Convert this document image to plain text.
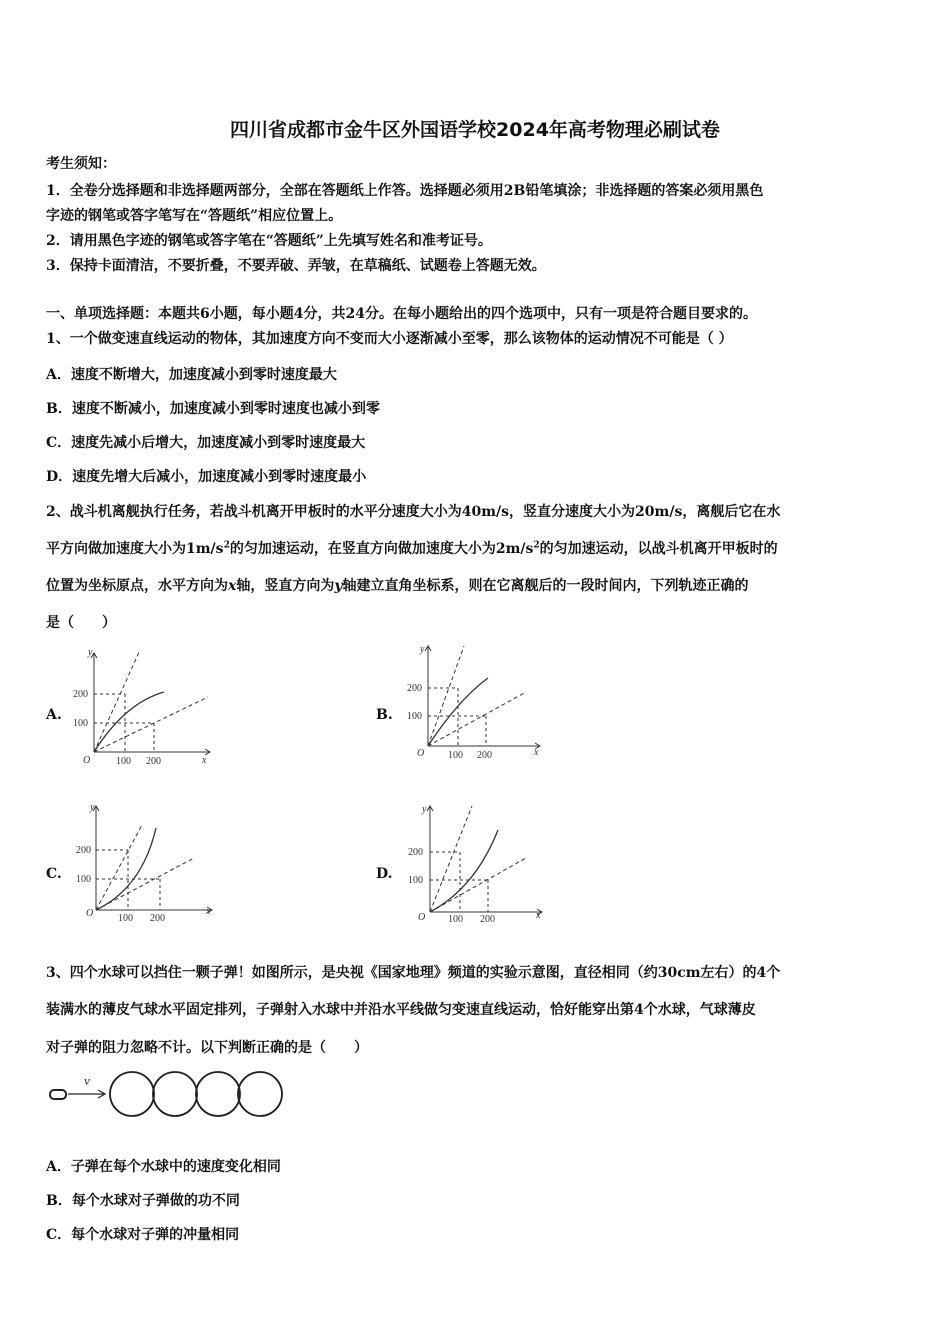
四川省成都市金牛区外国语学校2024年高考物理必刷试卷
考生须知：
1．全卷分选择题和非选择题两部分，全部在答题纸上作答。选择题必须用2B铅笔填涂；非选择题的答案必须用黑色
字迹的钢笔或答字笔写在“答题纸”相应位置上。
2．请用黑色字迹的钢笔或答字笔在“答题纸”上先填写姓名和准考证号。
3．保持卡面清洁，不要折叠，不要弄破、弄皱，在草稿纸、试题卷上答题无效。
一、单项选择题：本题共6小题，每小题4分，共24分。在每小题给出的四个选项中，只有一项是符合题目要求的。
1、一个做变速直线运动的物体，其加速度方向不变而大小逐渐减小至零，那么该物体的运动情况不可能是（ ）
A．速度不断增大，加速度减小到零时速度最大
B．速度不断减小，加速度减小到零时速度也减小到零
C．速度先减小后增大，加速度减小到零时速度最大
D．速度先增大后减小，加速度减小到零时速度最小
2、战斗机离舰执行任务，若战斗机离开甲板时的水平分速度大小为40m/s，竖直分速度大小为20m/s，离舰后它在水
平方向做加速度大小为$1m/s^2$的匀加速运动，在竖直方向做加速度大小为$2m/s^2$的匀加速运动，以战斗机离开甲板时的
位置为坐标原点，水平方向为x轴，竖直方向为y轴建立直角坐标系，则在它离舰后的一段时间内，下列轨迹正确的
是（　　）
A.	B.
C.	D.
y
x
O
200
100
100 200
y
x
O
200
100
100 200
y
x
O
200
100
100 200
y
x
O
200
100
100 200
3、四个水球可以挡住一颗子弹！如图所示，是央视《国家地理》频道的实验示意图，直径相同（约30cm左右）的4个
装满水的薄皮气球水平固定排列，子弹射入水球中并沿水平线做匀变速直线运动，恰好能穿出第4个水球，气球薄皮
对子弹的阻力忽略不计。以下判断正确的是（　　）
v
A．子弹在每个水球中的速度变化相同
B．每个水球对子弹做的功不同
C．每个水球对子弹的冲量相同
